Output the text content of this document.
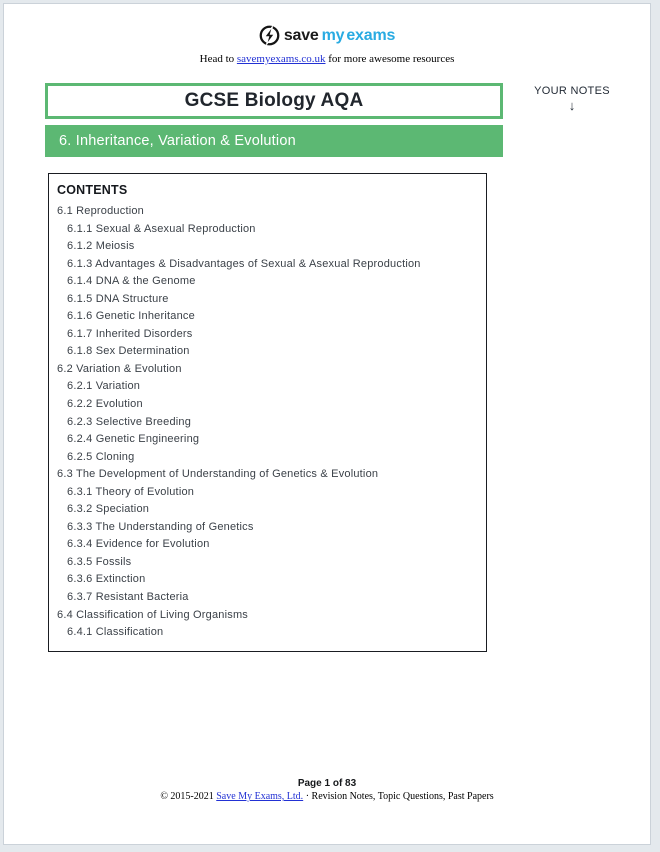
save my exams
Head to savemyexams.co.uk for more awesome resources
GCSE Biology AQA
6. Inheritance, Variation & Evolution
YOUR NOTES
↓
CONTENTS
6.1 Reproduction
6.1.1 Sexual & Asexual Reproduction
6.1.2 Meiosis
6.1.3 Advantages & Disadvantages of Sexual & Asexual Reproduction
6.1.4 DNA & the Genome
6.1.5 DNA Structure
6.1.6 Genetic Inheritance
6.1.7 Inherited Disorders
6.1.8 Sex Determination
6.2 Variation & Evolution
6.2.1 Variation
6.2.2 Evolution
6.2.3 Selective Breeding
6.2.4 Genetic Engineering
6.2.5 Cloning
6.3 The Development of Understanding of Genetics & Evolution
6.3.1 Theory of Evolution
6.3.2 Speciation
6.3.3 The Understanding of Genetics
6.3.4 Evidence for Evolution
6.3.5 Fossils
6.3.6 Extinction
6.3.7 Resistant Bacteria
6.4 Classification of Living Organisms
6.4.1 Classification
Page 1 of 83
© 2015-2021 Save My Exams, Ltd. · Revision Notes, Topic Questions, Past Papers
